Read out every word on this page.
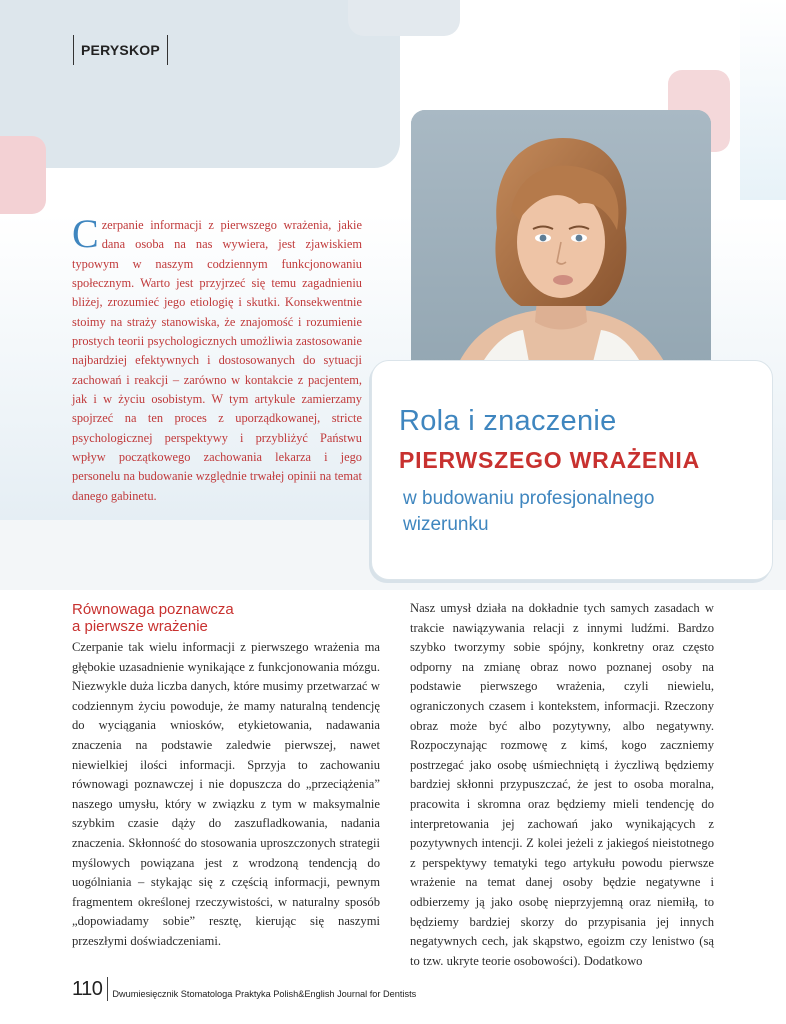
PERYSKOP
Rola i znaczenie
PIERWSZEGO WRAŻENIA
w budowaniu profesjonalnego wizerunku
Czerpanie informacji z pierwszego wrażenia, jakie dana osoba na nas wywiera, jest zjawiskiem typowym w naszym codziennym funkcjonowaniu społecznym. Warto jest przyjrzeć się temu zagadnieniu bliżej, zrozumieć jego etiologię i skutki. Konsekwentnie stoimy na straży stanowiska, że znajomość i rozumienie prostych teorii psychologicznych umożliwia zastosowanie najbardziej efektywnych i dostosowanych do sytuacji zachowań i reakcji – zarówno w kontakcie z pacjentem, jak i w życiu osobistym. W tym artykule zamierzamy spojrzeć na ten proces z uporządkowanej, stricte psychologicznej perspektywy i przybliżyć Państwu wpływ początkowego zachowania lekarza i jego personelu na budowanie względnie trwałej opinii na temat danego gabinetu.
Równowaga poznawcza
a pierwsze wrażenie

Czerpanie tak wielu informacji z pierwszego wrażenia ma głębokie uzasadnienie wynikające z funkcjonowania mózgu. Niezwykle duża liczba danych, które musimy przetwarzać w codziennym życiu powoduje, że mamy naturalną tendencję do wyciągania wniosków, etykietowania, nadawania znaczenia na podstawie zaledwie pierwszej, nawet niewielkiej ilości informacji. Sprzyja to zachowaniu równowagi poznawczej i nie dopuszcza do „przeciążenia” naszego umysłu, który w związku z tym w maksymalnie szybkim czasie dąży do zaszufladkowania, nadania znaczenia. Skłonność do stosowania uproszczonych strategii myślowych powiązana jest z wrodzoną tendencją do uogólniania – stykając się z częścią informacji, pewnym fragmentem określonej rzeczywistości, w naturalny sposób „dopowiadamy sobie” resztę, kierując się naszymi przeszłymi doświadczeniami.

Nasz umysł działa na dokładnie tych samych zasadach w trakcie nawiązywania relacji z innymi ludźmi. Bardzo szybko tworzymy sobie spójny, konkretny oraz często odporny na zmianę obraz nowo poznanej osoby na podstawie pierwszego wrażenia, czyli niewielu, ograniczonych czasem i kontekstem, informacji. Rzeczony obraz może być albo pozytywny, albo negatywny. Rozpoczynając rozmowę z kimś, kogo zaczniemy postrzegać jako osobę uśmiechniętą i życzliwą będziemy bardziej skłonni przypuszczać, że jest to osoba moralna, pracowita i skromna oraz będziemy mieli tendencję do interpretowania jej zachowań jako wynikających z pozytywnych intencji. Z kolei jeżeli z jakiegoś nieistotnego z perspektywy tematyki tego artykułu powodu pierwsze wrażenie na temat danej osoby będzie negatywne i odbierzemy ją jako osobę nieprzyjemną oraz niemiłą, to będziemy bardziej skorzy do przypisania jej innych negatywnych cech, jak skąpstwo, egoizm czy lenistwo (są to tzw. ukryte teorie osobowości). Dodatkowo

110	Dwumiesięcznik Stomatologa Praktyka Polish&English Journal for Dentists
